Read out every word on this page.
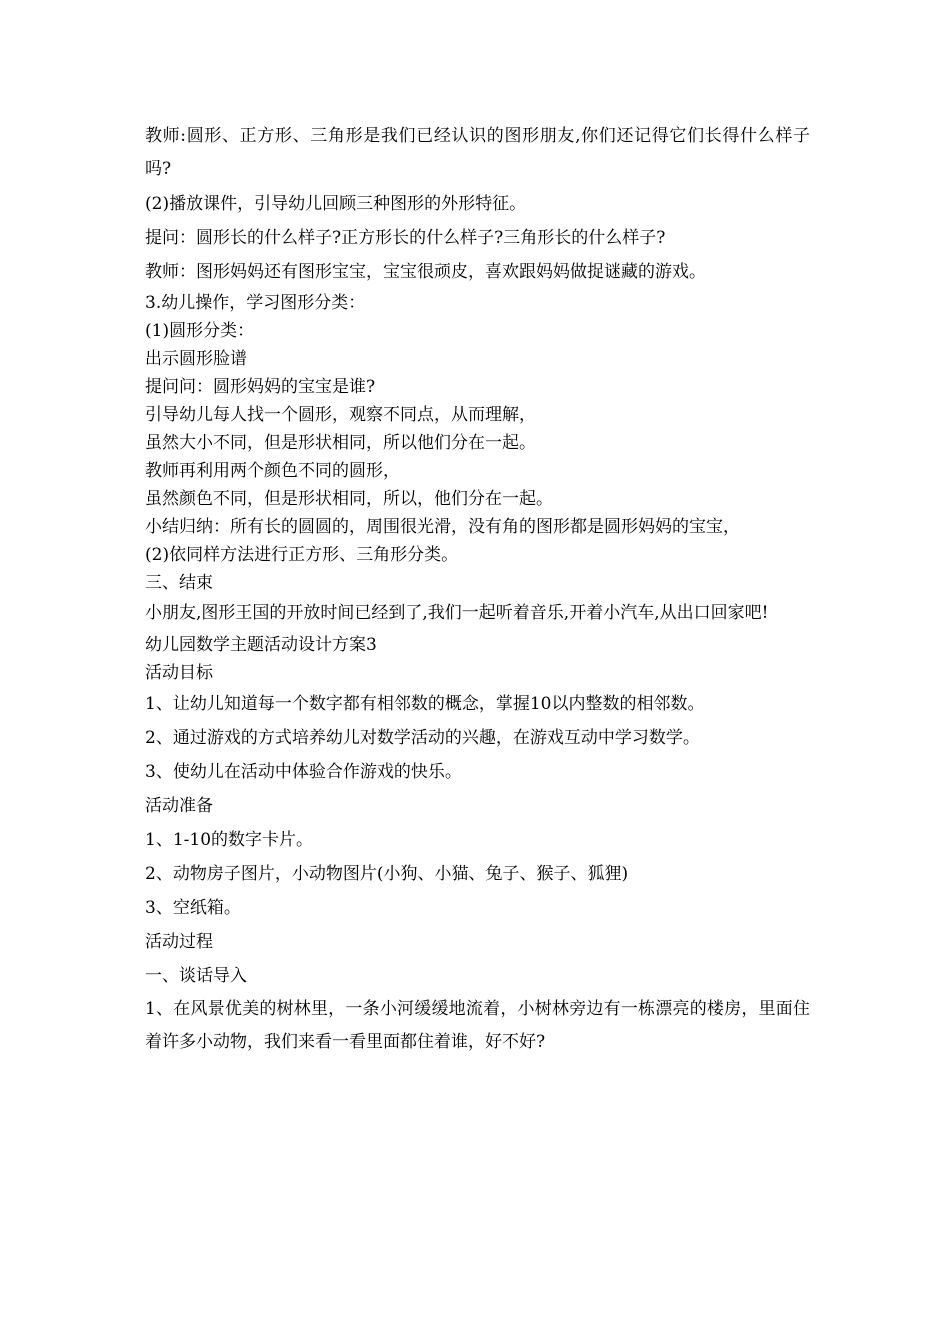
教师:圆形、正方形、三角形是我们已经认识的图形朋友,你们还记得它们长得什么样子吗?

(2)播放课件，引导幼儿回顾三种图形的外形特征。

提问：圆形长的什么样子?正方形长的什么样子?三角形长的什么样子?

教师：图形妈妈还有图形宝宝，宝宝很顽皮，喜欢跟妈妈做捉谜藏的游戏。

3.幼儿操作，学习图形分类：

(1)圆形分类：

出示圆形脸谱

提问问：圆形妈妈的宝宝是谁?

引导幼儿每人找一个圆形，观察不同点，从而理解，

虽然大小不同，但是形状相同，所以他们分在一起。

教师再利用两个颜色不同的圆形，

虽然颜色不同，但是形状相同，所以，他们分在一起。

小结归纳：所有长的圆圆的，周围很光滑，没有角的图形都是圆形妈妈的宝宝，

(2)依同样方法进行正方形、三角形分类。

三、结束

小朋友,图形王国的开放时间已经到了,我们一起听着音乐,开着小汽车,从出口回家吧!

幼儿园数学主题活动设计方案3

活动目标

1、让幼儿知道每一个数字都有相邻数的概念，掌握10以内整数的相邻数。

2、通过游戏的方式培养幼儿对数学活动的兴趣，在游戏互动中学习数学。

3、使幼儿在活动中体验合作游戏的快乐。

活动准备

1、1-10的数字卡片。

2、动物房子图片，小动物图片(小狗、小猫、兔子、猴子、狐狸)

3、空纸箱。

活动过程

一、谈话导入

1、在风景优美的树林里，一条小河缓缓地流着，小树林旁边有一栋漂亮的楼房，里面住着许多小动物，我们来看一看里面都住着谁，好不好?
